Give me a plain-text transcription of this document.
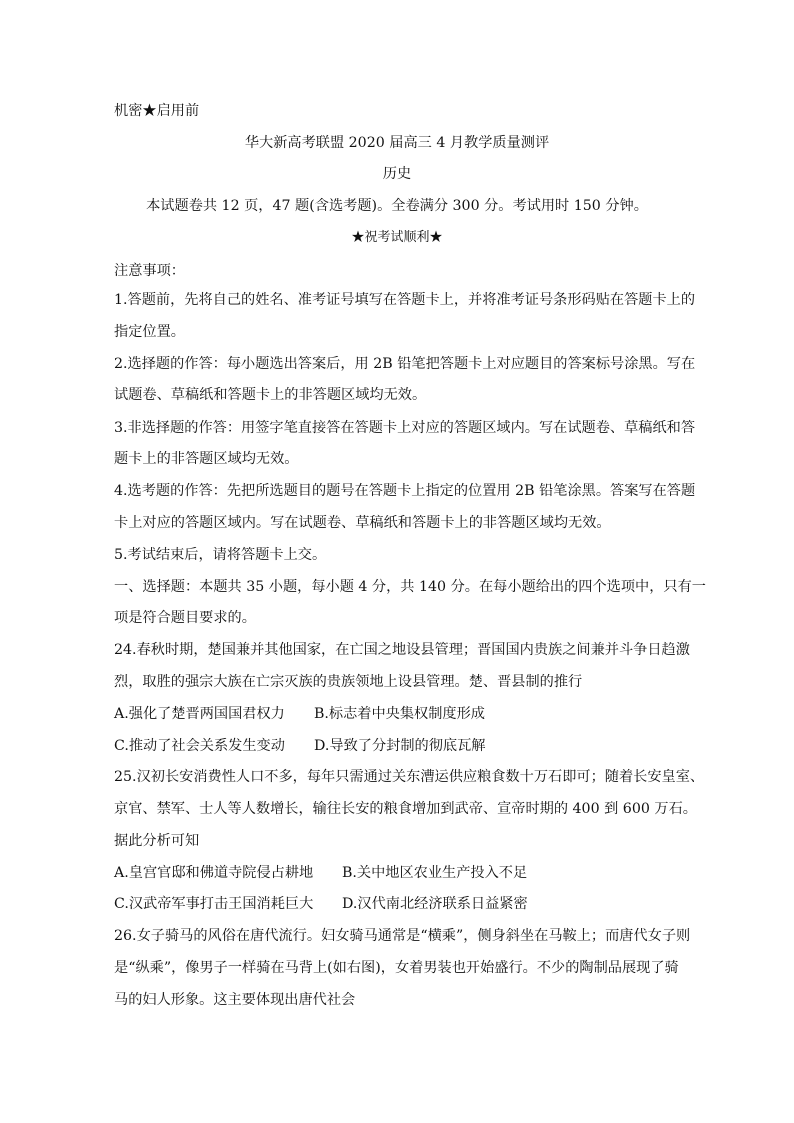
机密★启用前
华大新高考联盟 2020 届高三 4 月教学质量测评
历史
本试题卷共 12 页，47 题(含选考题)。全卷满分 300 分。考试用时 150 分钟。
★祝考试顺利★
注意事项：
1.答题前，先将自己的姓名、准考证号填写在答题卡上，并将准考证号条形码贴在答题卡上的
指定位置。
2.选择题的作答：每小题选出答案后，用 2B 铅笔把答题卡上对应题目的答案标号涂黑。写在
试题卷、草稿纸和答题卡上的非答题区域均无效。
3.非选择题的作答：用签字笔直接答在答题卡上对应的答题区域内。写在试题卷、草稿纸和答
题卡上的非答题区域均无效。
4.选考题的作答：先把所选题目的题号在答题卡上指定的位置用 2B 铅笔涂黑。答案写在答题
卡上对应的答题区域内。写在试题卷、草稿纸和答题卡上的非答题区域均无效。
5.考试结束后，请将答题卡上交。
一、选择题：本题共 35 小题，每小题 4 分，共 140 分。在每小题给出的四个选项中，只有一
项是符合题目要求的。
24.春秋时期，楚国兼并其他国家，在亡国之地设县管理；晋国国内贵族之间兼并斗争日趋激
烈，取胜的强宗大族在亡宗灭族的贵族领地上设县管理。楚、晋县制的推行
A.强化了楚晋两国国君权力 B.标志着中央集权制度形成
C.推动了社会关系发生变动 D.导致了分封制的彻底瓦解
25.汉初长安消费性人口不多，每年只需通过关东漕运供应粮食数十万石即可；随着长安皇室、
京官、禁军、士人等人数增长，输往长安的粮食增加到武帝、宣帝时期的 400 到 600 万石。
据此分析可知
A.皇宫官邸和佛道寺院侵占耕地 B.关中地区农业生产投入不足
C.汉武帝军事打击王国消耗巨大 D.汉代南北经济联系日益紧密
26.女子骑马的风俗在唐代流行。妇女骑马通常是“横乘”，侧身斜坐在马鞍上；而唐代女子则
是“纵乘”，像男子一样骑在马背上(如右图)，女着男装也开始盛行。不少的陶制品展现了骑
马的妇人形象。这主要体现出唐代社会
